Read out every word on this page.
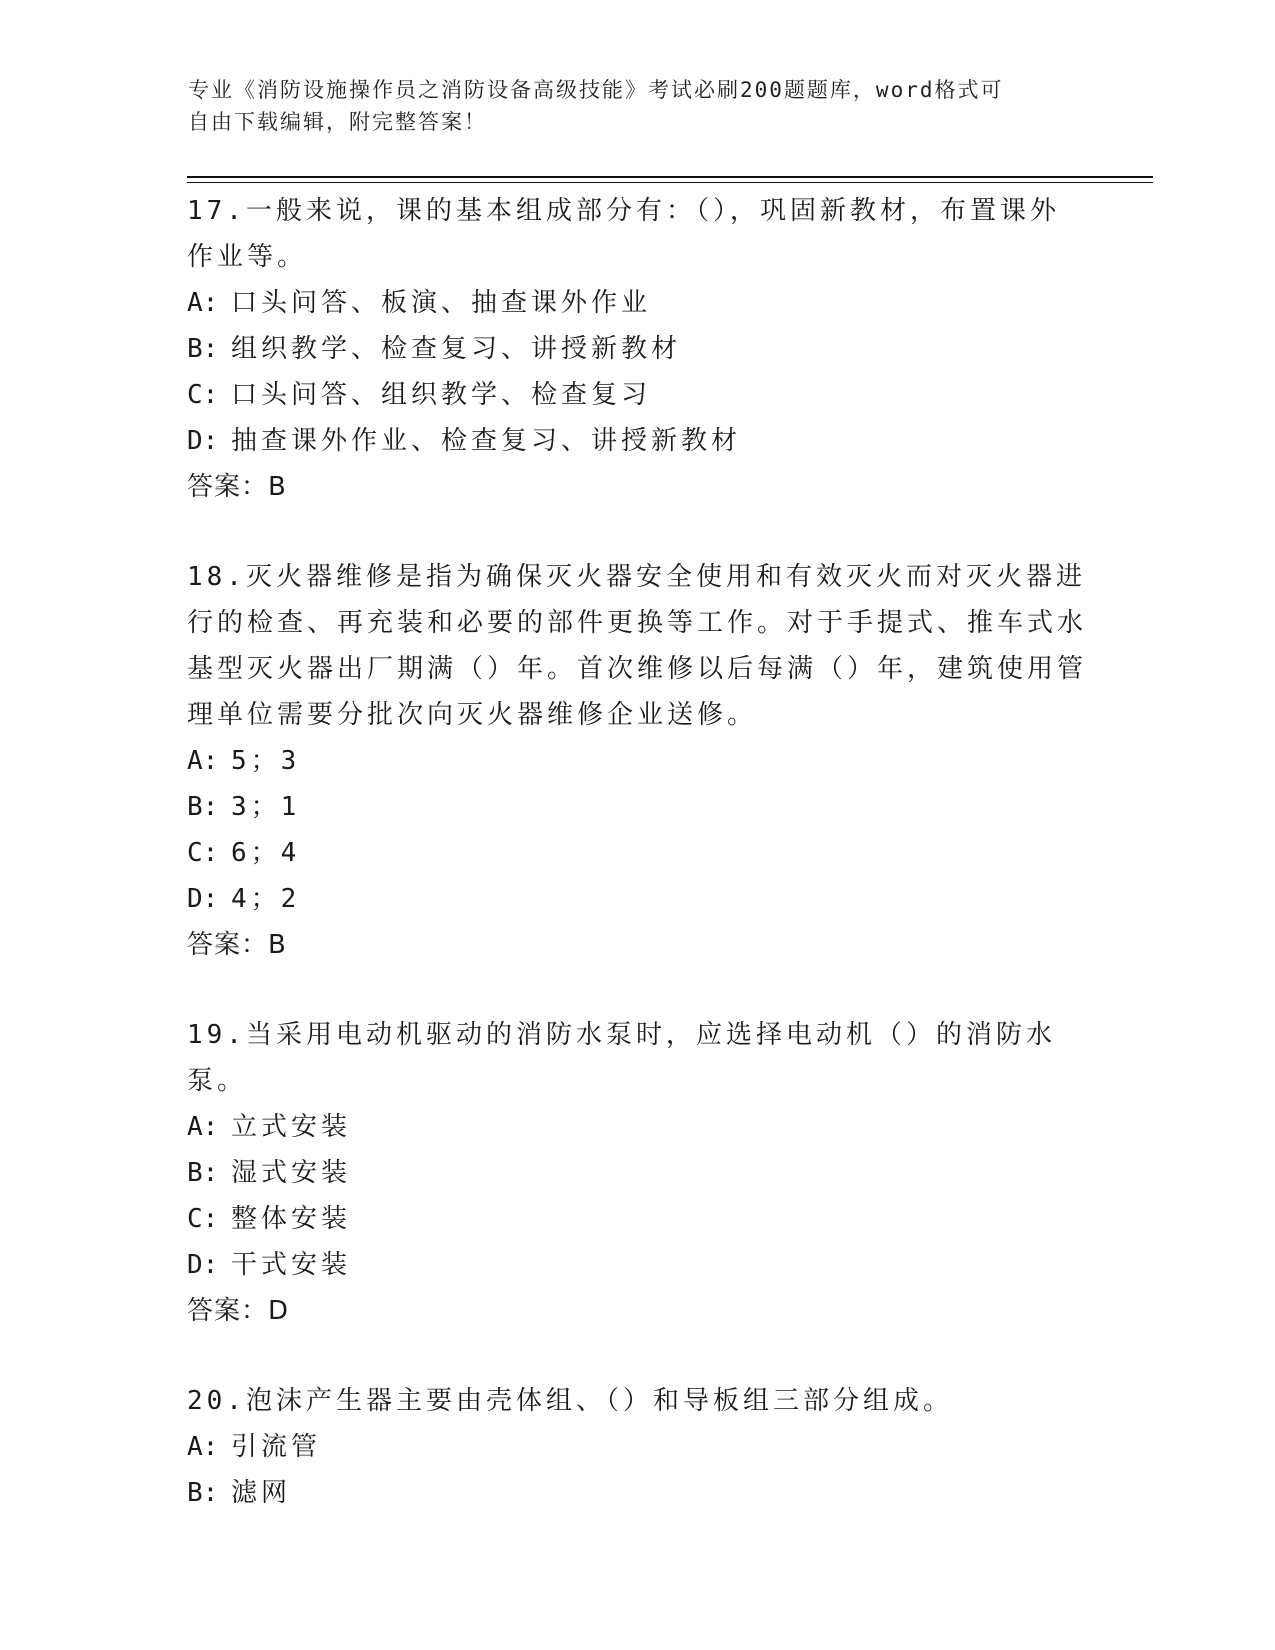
专业《消防设施操作员之消防设备高级技能》考试必刷200题题库，word格式可
自由下载编辑，附完整答案！

17.一般来说，课的基本组成部分有：（），巩固新教材，布置课外作业等。

A: 口头问答、板演、抽查课外作业
B: 组织教学、检查复习、讲授新教材
C: 口头问答、组织教学、检查复习
D: 抽查课外作业、检查复习、讲授新教材
答案：B

18.灭火器维修是指为确保灭火器安全使用和有效灭火而对灭火器进行的检查、再充装和必要的部件更换等工作。对于手提式、推车式水基型灭火器出厂期满（）年。首次维修以后每满（）年，建筑使用管理单位需要分批次向灭火器维修企业送修。

A: 5；3
B: 3；1
C: 6；4
D: 4；2
答案：B

19.当采用电动机驱动的消防水泵时，应选择电动机（）的消防水泵。

A: 立式安装
B: 湿式安装
C: 整体安装
D: 干式安装
答案：D

20.泡沫产生器主要由壳体组、（）和导板组三部分组成。

A: 引流管
B: 滤网
